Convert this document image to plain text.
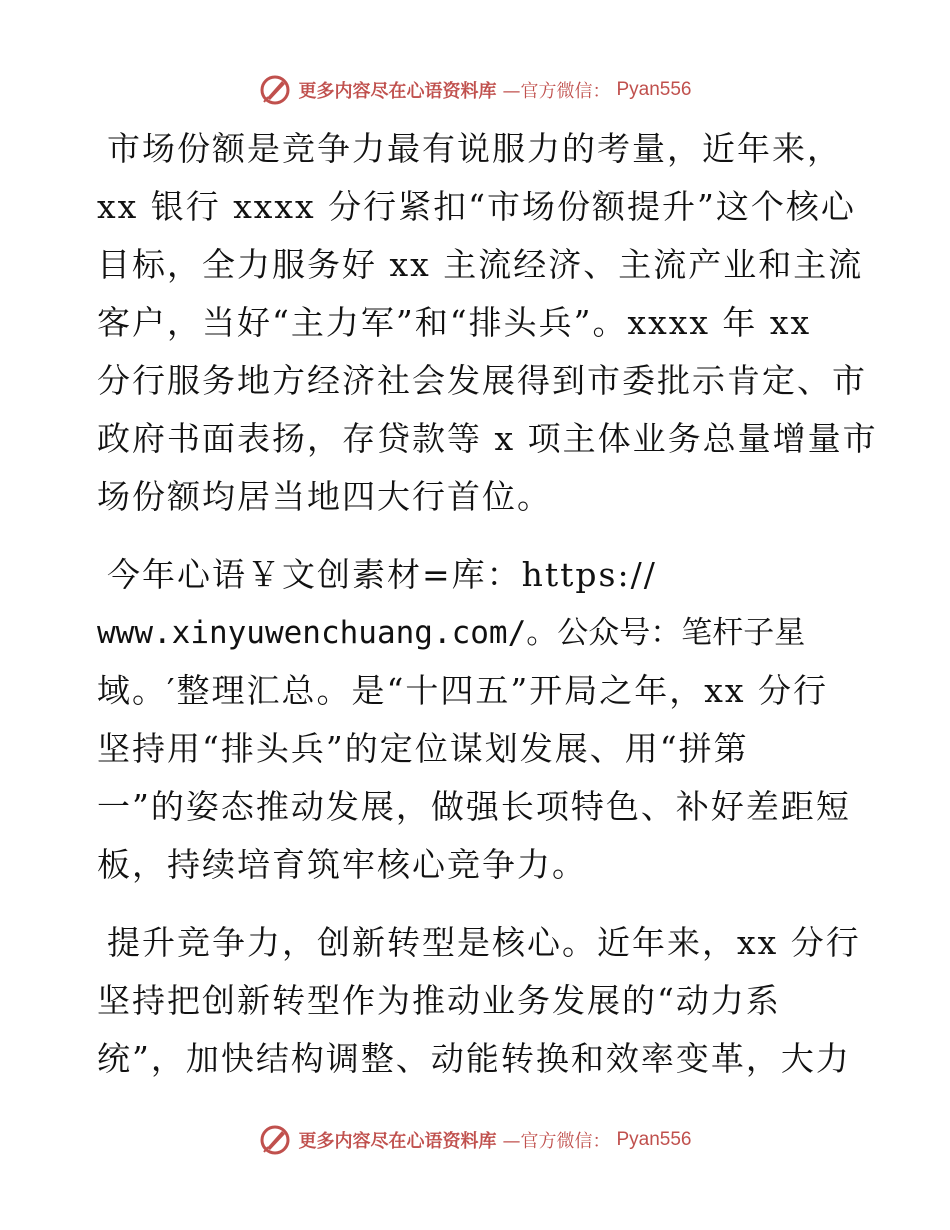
更多内容尽在心语资料库 —官方微信： Pyan556
市场份额是竞争力最有说服力的考量，近年来，
xx 银行 xxxx 分行紧扣“市场份额提升”这个核心
目标，全力服务好 xx 主流经济、主流产业和主流
客户，当好“主力军”和“排头兵”。xxxx 年 xx
分行服务地方经济社会发展得到市委批示肯定、市
政府书面表扬，存贷款等 x 项主体业务总量增量市
场份额均居当地四大行首位。
今年心语￥文创素材=库：https://
www.xinyuwenchuang.com/。公众号：笔杆子星
域。′整理汇总。是“十四五”开局之年，xx 分行
坚持用“排头兵”的定位谋划发展、用“拼第
一”的姿态推动发展，做强长项特色、补好差距短
板，持续培育筑牢核心竞争力。
提升竞争力，创新转型是核心。近年来，xx 分行
坚持把创新转型作为推动业务发展的“动力系
统”，加快结构调整、动能转换和效率变革，大力
更多内容尽在心语资料库 —官方微信： Pyan556
